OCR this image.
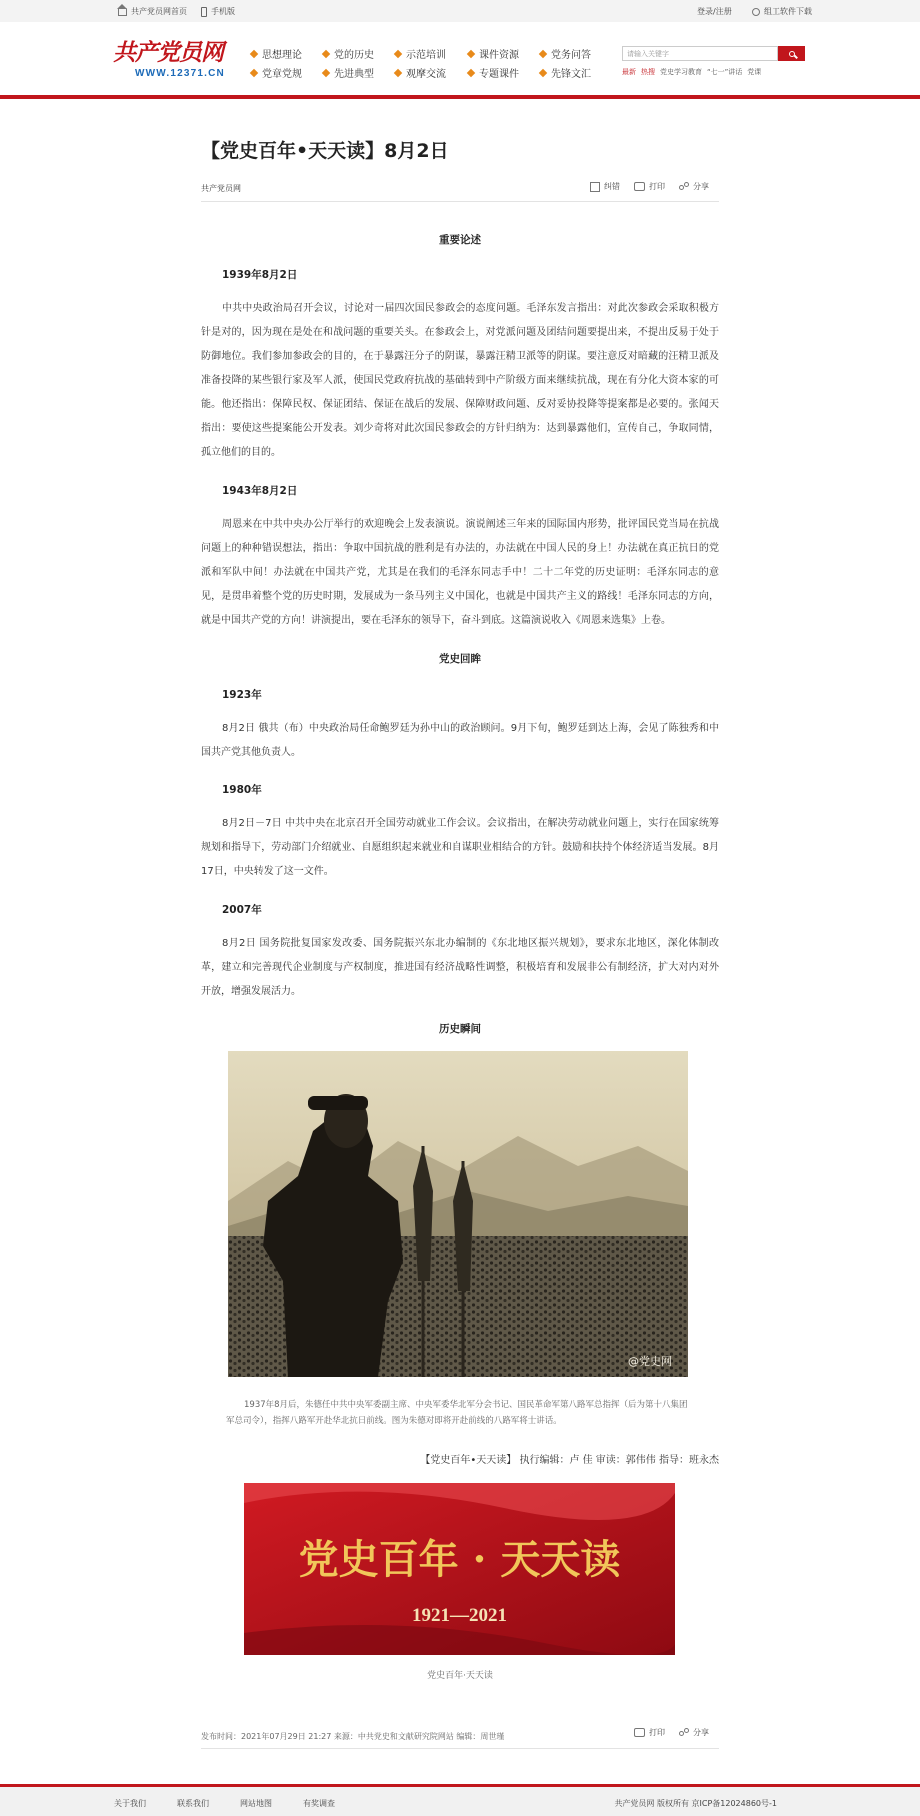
共产党员网首页	手机版	登录/注册	组工软件下载
共产党员网
WWW.12371.CN
思想理论	党的历史	示范培训	课件资源	党务问答
党章党规	先进典型	观摩交流	专题课件	先锋文汇
请输入关键字
最新 热搜 党史学习教育 “七一”讲话 党课
【党史百年•天天读】8月2日
共产党员网	纠错	打印	分享
重要论述
1939年8月2日

中共中央政治局召开会议，讨论对一届四次国民参政会的态度问题。毛泽东发言指出：对此次参政会采取积极方针是对的，因为现在是处在和战问题的重要关头。在参政会上，对党派问题及团结问题要提出来，不提出反易于处于防御地位。我们参加参政会的目的，在于暴露汪分子的阴谋，暴露汪精卫派等的阴谋。要注意反对暗藏的汪精卫派及准备投降的某些银行家及军人派，使国民党政府抗战的基础转到中产阶级方面来继续抗战，现在有分化大资本家的可能。他还指出：保障民权、保证团结、保证在战后的发展、保障财政问题、反对妥协投降等提案都是必要的。张闻天指出：要使这些提案能公开发表。刘少奇将对此次国民参政会的方针归纳为：达到暴露他们，宣传自己，争取同情，孤立他们的目的。

1943年8月2日

周恩来在中共中央办公厅举行的欢迎晚会上发表演说。演说阐述三年来的国际国内形势，批评国民党当局在抗战问题上的种种错误想法，指出：争取中国抗战的胜利是有办法的，办法就在中国人民的身上！办法就在真正抗日的党派和军队中间！办法就在中国共产党，尤其是在我们的毛泽东同志手中！二十二年党的历史证明：毛泽东同志的意见，是贯串着整个党的历史时期，发展成为一条马列主义中国化，也就是中国共产主义的路线！毛泽东同志的方向，就是中国共产党的方向！讲演提出，要在毛泽东的领导下，奋斗到底。这篇演说收入《周恩来选集》上卷。

党史回眸
1923年

8月2日 俄共（布）中央政治局任命鲍罗廷为孙中山的政治顾问。9月下旬，鲍罗廷到达上海，会见了陈独秀和中国共产党其他负责人。

1980年

8月2日－7日 中共中央在北京召开全国劳动就业工作会议。会议指出，在解决劳动就业问题上，实行在国家统筹规划和指导下，劳动部门介绍就业、自愿组织起来就业和自谋职业相结合的方针。鼓励和扶持个体经济适当发展。8月17日，中央转发了这一文件。

2007年

8月2日 国务院批复国家发改委、国务院振兴东北办编制的《东北地区振兴规划》，要求东北地区，深化体制改革，建立和完善现代企业制度与产权制度，推进国有经济战略性调整，积极培育和发展非公有制经济，扩大对内对外开放，增强发展活力。

历史瞬间
@党史网

1937年8月后，朱德任中共中央军委副主席、中央军委华北军分会书记、国民革命军第八路军总指挥（后为第十八集团军总司令），指挥八路军开赴华北抗日前线。图为朱德对即将开赴前线的八路军将士讲话。

【党史百年•天天读】 执行编辑：卢 佳 审读：郭伟伟 指导：班永杰
党史百年 · 天天读
1921—2021
党史百年·天天读
发布时间：2021年07月29日 21:27 来源：中共党史和文献研究院网站 编辑：周世瑾	打印	分享
关于我们	联系我们	网站地图	有奖调查	共产党员网 版权所有 京ICP备12024860号-1
